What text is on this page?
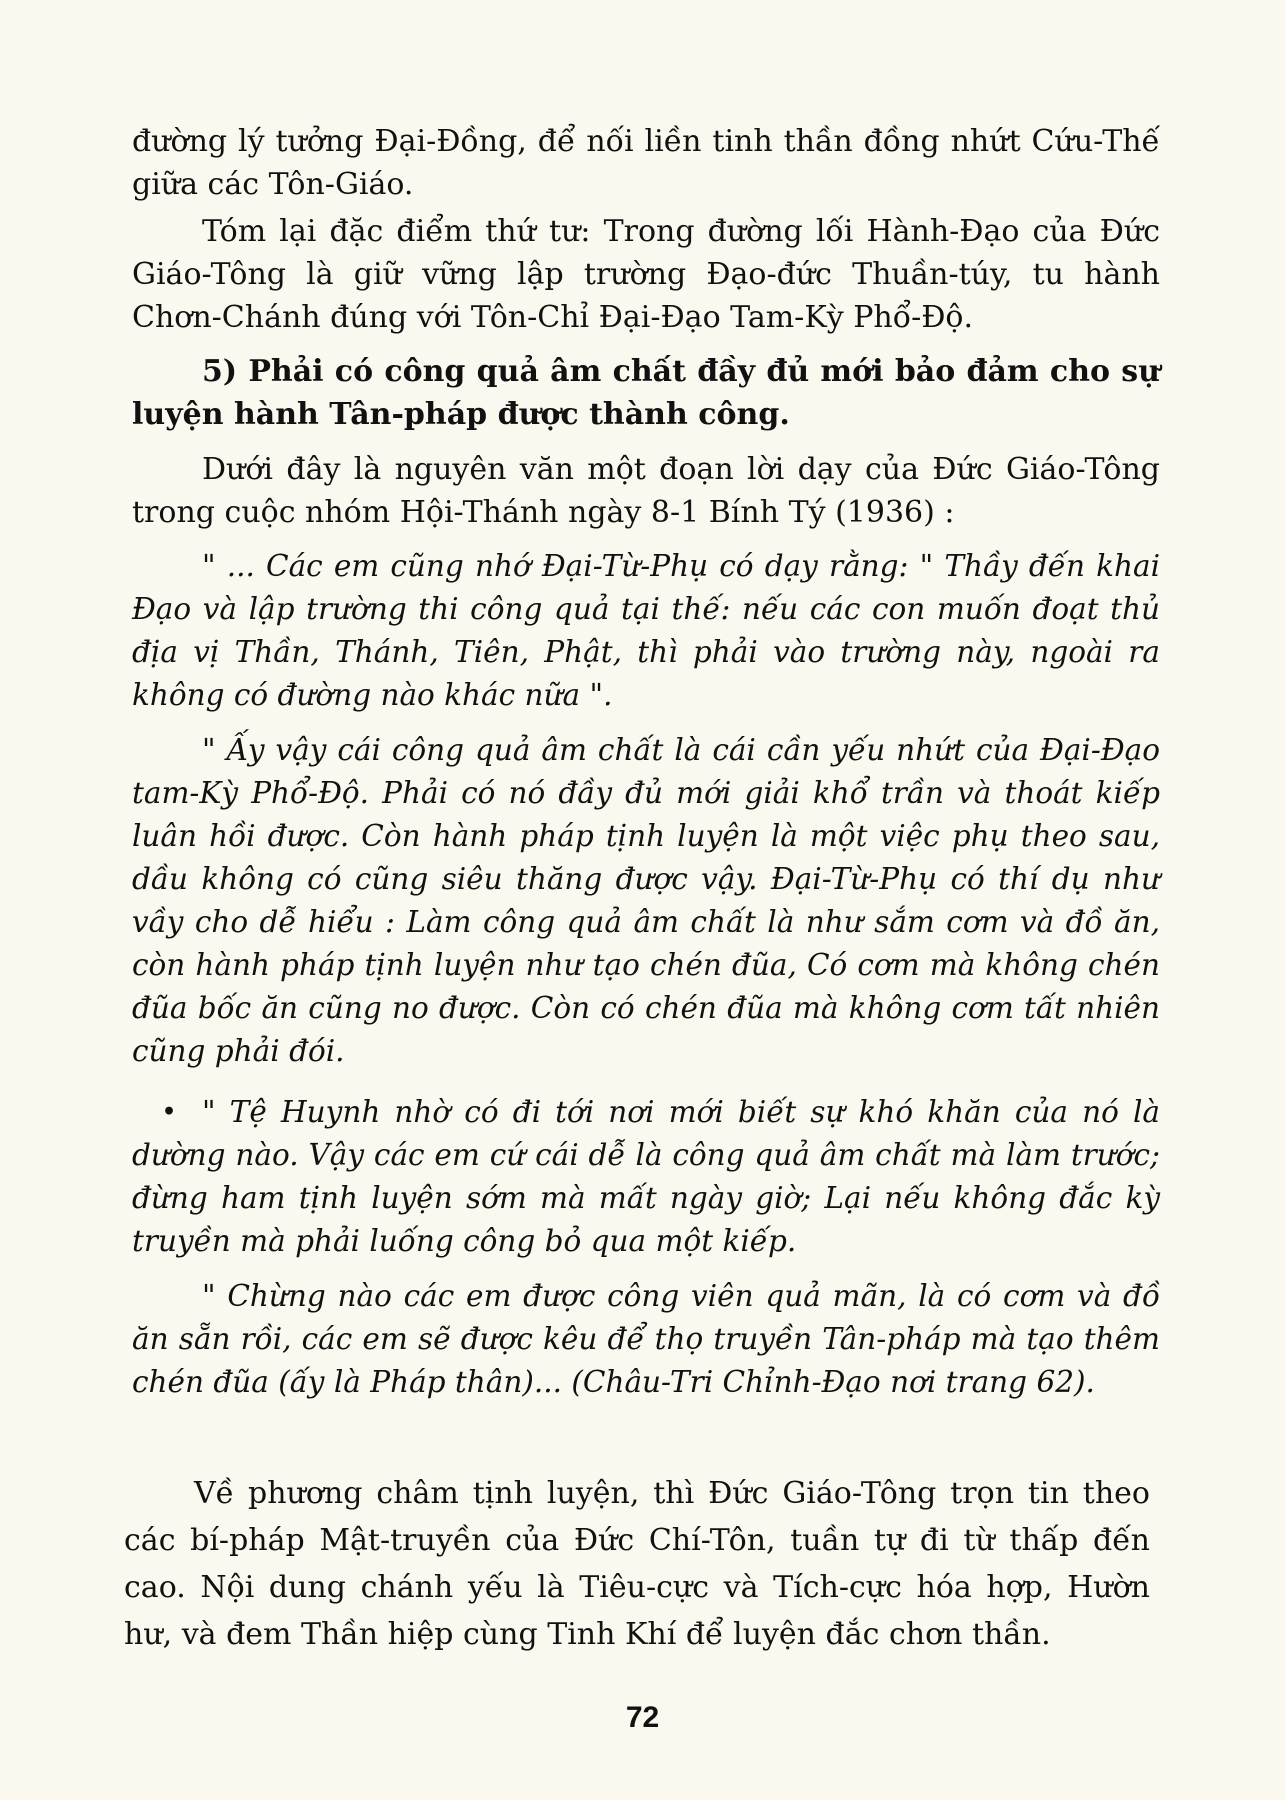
đường lý tưởng Đại-Đồng, để nối liền tinh thần đồng nhứt Cứu-Thế giữa các Tôn-Giáo.

Tóm lại đặc điểm thứ tư: Trong đường lối Hành-Đạo của Đức Giáo-Tông là giữ vững lập trường Đạo-đức Thuần-túy, tu hành Chơn-Chánh đúng với Tôn-Chỉ Đại-Đạo Tam-Kỳ Phổ-Độ.

5) Phải có công quả âm chất đầy đủ mới bảo đảm cho sự luyện hành Tân-pháp được thành công.

Dưới đây là nguyên văn một đoạn lời dạy của Đức Giáo-Tông trong cuộc nhóm Hội-Thánh ngày 8-1 Bính Tý (1936) :

" ... Các em cũng nhớ Đại-Từ-Phụ có dạy rằng: " Thầy đến khai Đạo và lập trường thi công quả tại thế: nếu các con muốn đoạt thủ địa vị Thần, Thánh, Tiên, Phật, thì phải vào trường này, ngoài ra không có đường nào khác nữa ".

" Ấy vậy cái công quả âm chất là cái cần yếu nhứt của Đại-Đạo tam-Kỳ Phổ-Độ. Phải có nó đầy đủ mới giải khổ trần và thoát kiếp luân hồi được. Còn hành pháp tịnh luyện là một việc phụ theo sau, dầu không có cũng siêu thăng được vậy. Đại-Từ-Phụ có thí dụ như vầy cho dễ hiểu : Làm công quả âm chất là như sắm cơm và đồ ăn, còn hành pháp tịnh luyện như tạo chén đũa, Có cơm mà không chén đũa bốc ăn cũng no được. Còn có chén đũa mà không cơm tất nhiên cũng phải đói.

• " Tệ Huynh nhờ có đi tới nơi mới biết sự khó khăn của nó là dường nào. Vậy các em cứ cái dễ là công quả âm chất mà làm trước; đừng ham tịnh luyện sớm mà mất ngày giờ; Lại nếu không đắc kỳ truyền mà phải luống công bỏ qua một kiếp.

" Chừng nào các em được công viên quả mãn, là có cơm và đồ ăn sẵn rồi, các em sẽ được kêu để thọ truyền Tân-pháp mà tạo thêm chén đũa (ấy là Pháp thân)... (Châu-Tri Chỉnh-Đạo nơi trang 62).

Về phương châm tịnh luyện, thì Đức Giáo-Tông trọn tin theo các bí-pháp Mật-truyền của Đức Chí-Tôn, tuần tự đi từ thấp đến cao. Nội dung chánh yếu là Tiêu-cực và Tích-cực hóa hợp, Hườn hư, và đem Thần hiệp cùng Tinh Khí để luyện đắc chơn thần.

72
